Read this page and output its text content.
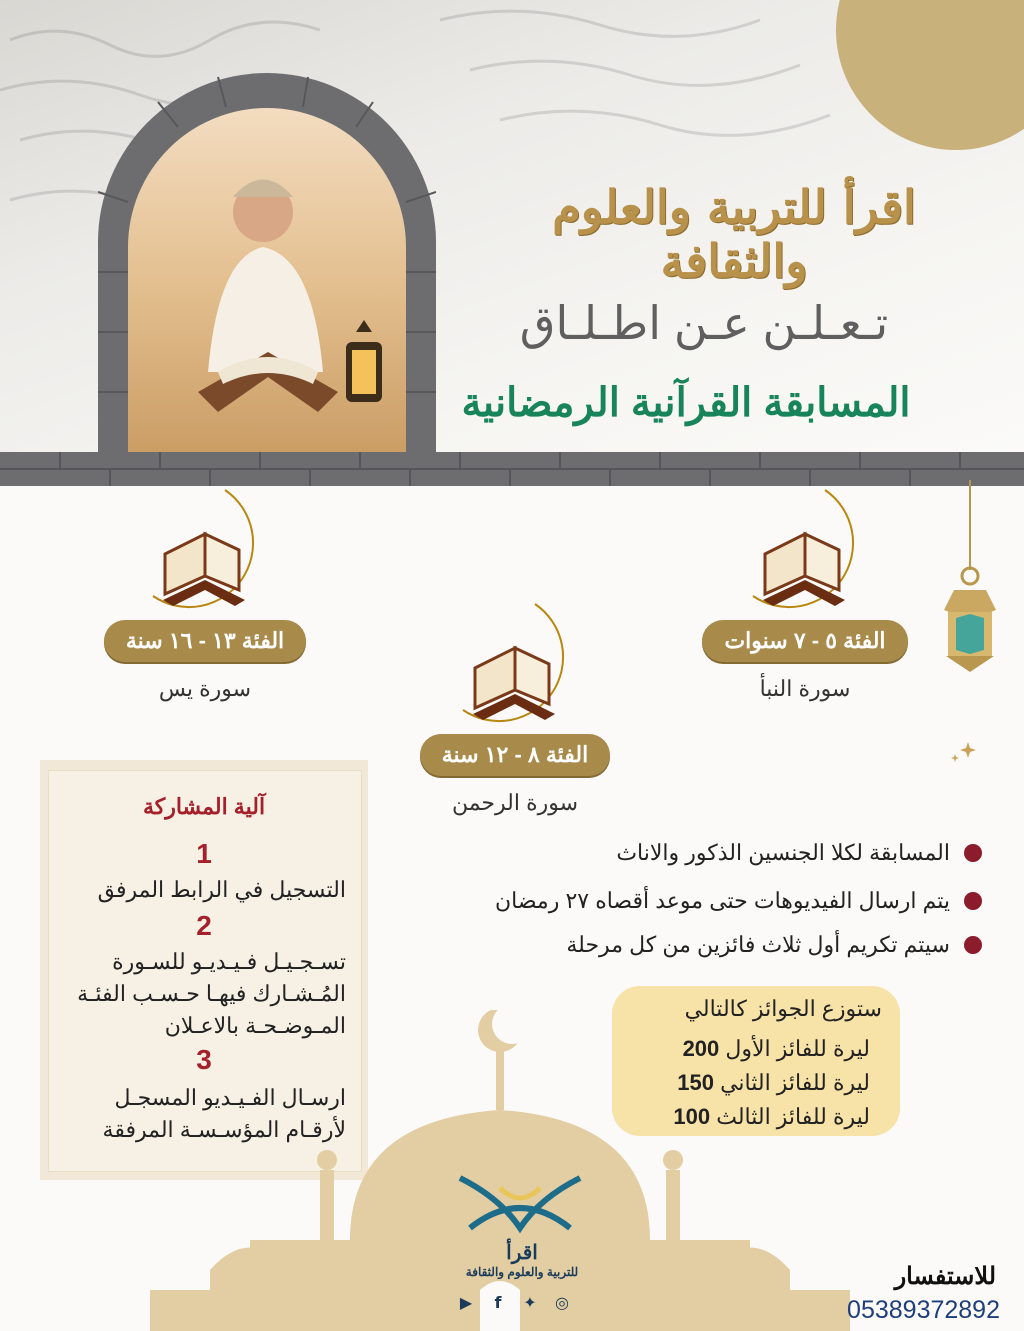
اقرأ للتربية والعلوم والثقافة
تـعـلـن عـن اطـلـاق
المسابقة القرآنية الرمضانية
الفئة ٥ - ٧ سنوات
سورة النبأ
الفئة ٨ - ١٢ سنة
سورة الرحمن
الفئة ١٣ - ١٦ سنة
سورة يس
آلية المشاركة
1
التسجيل في الرابط المرفق
2
تسـجـيـل فـيـديـو للسـورة المُـشـارك فيهـا حـسـب الفئـة المـوضـحـة بالاعـلان
3
ارسـال الفـيـديو المسجـل لأرقـام المؤسـسـة المرفقة
المسابقة لكلا الجنسين الذكور والاناث
يتم ارسال الفيديوهات حتى موعد أقصاه ٢٧ رمضان
سيتم تكريم أول ثلاث فائزين من كل مرحلة
اقرأ
للتربية والعلوم والثقافة
▶	f	✦ ◎
ستوزع الجوائز كالتالي
ليرة للفائز الأول 200
ليرة للفائز الثاني 150
ليرة للفائز الثالث 100
للاستفسار
05389372892
